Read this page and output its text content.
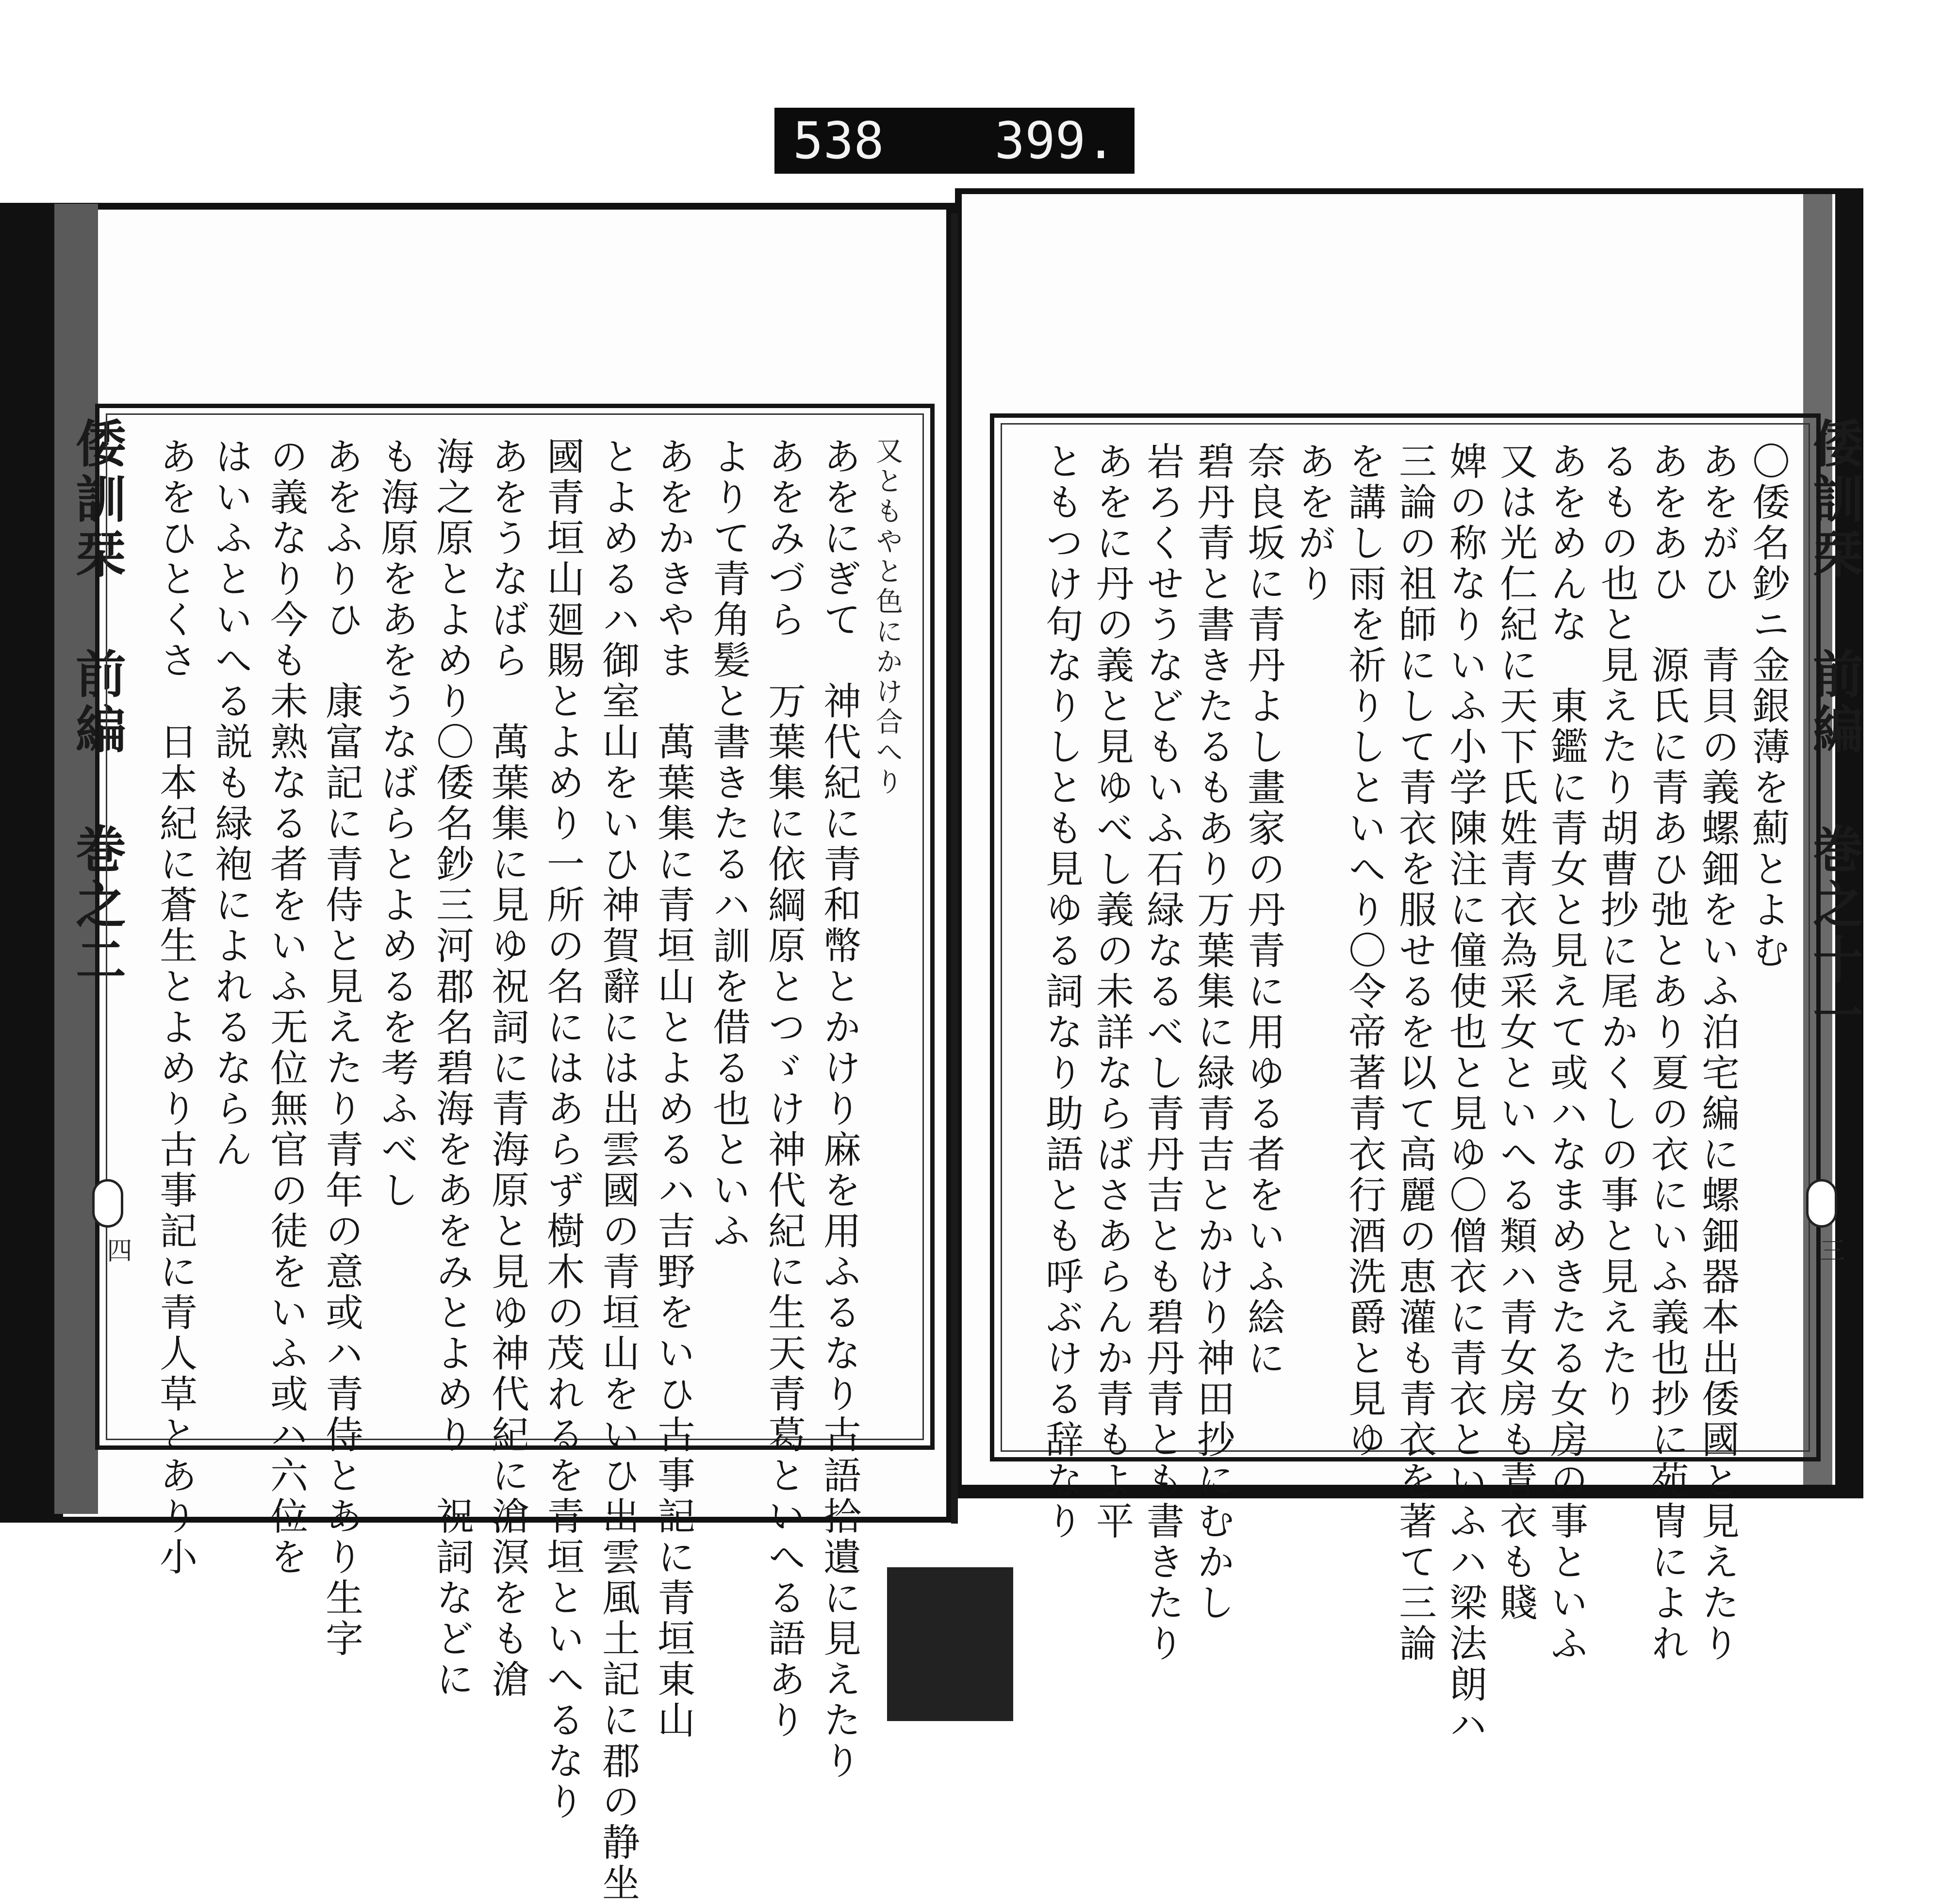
538 399.
倭訓栞 前編 巻之二	倭訓栞 前編 巻之十一
四	三
〇倭名鈔ニ金銀薄を薊とよむ
あをがひ　青貝の義螺鈿をいふ泊宅編に螺鈿器本出倭國と見えたり
あをあひ　源氏に青あひ弛とあり夏の衣にいふ義也抄に苑冑によれ
るもの也と見えたり胡曹抄に尾かくしの事と見えたり
あをめんな　東鑑に青女と見えて或ハなまめきたる女房の事といふ
又は光仁紀に天下氏姓青衣為采女といへる類ハ青女房も青衣も賤
婢の称なりいふ小学陳注に僮使也と見ゆ〇僧衣に青衣といふハ梁法朗ハ
三論の祖師にして青衣を服せるを以て高麗の恵灌も青衣を著て三論
を講し雨を祈りしといへり〇令帝著青衣行酒洗爵と見ゆ
あをがり
奈良坂に青丹よし畫家の丹青に用ゆる者をいふ絵に
碧丹青と書きたるもあり万葉集に緑青吉とかけり神田抄にむかし
岩ろくせうなどもいふ石緑なるべし青丹吉とも碧丹青とも書きたり
あをに丹の義と見ゆべし義の未詳ならばさあらんか青もよ平
ともつけ句なりしとも見ゆる詞なり助語とも呼ぶける辞なり
又ともやと色にかけ合へり
あをにぎて　神代紀に青和幣とかけり麻を用ふるなり古語拾遺に見えたり
あをみづら　万葉集に依綱原とつゞけ神代紀に生天青葛といへる語あり
よりて青角髪と書きたるハ訓を借る也といふ
あをかきやま　萬葉集に青垣山とよめるハ吉野をいひ古事記に青垣東山
とよめるハ御室山をいひ神賀辭には出雲國の青垣山をいひ出雲風土記に郡の静坐
國青垣山廻賜とよめり一所の名にはあらず樹木の茂れるを青垣といへるなり
あをうなばら　萬葉集に見ゆ祝詞に青海原と見ゆ神代紀に滄溟をも滄
海之原とよめり〇倭名鈔三河郡名碧海をあをみとよめり　祝詞などに
も海原をあをうなばらとよめるを考ふべし
あをふりひ　康富記に青侍と見えたり青年の意或ハ青侍とあり生字
の義なり今も未熟なる者をいふ无位無官の徒をいふ或ハ六位を
はいふといへる説も緑袍によれるならん
あをひとくさ　日本紀に蒼生とよめり古事記に青人草とあり小
